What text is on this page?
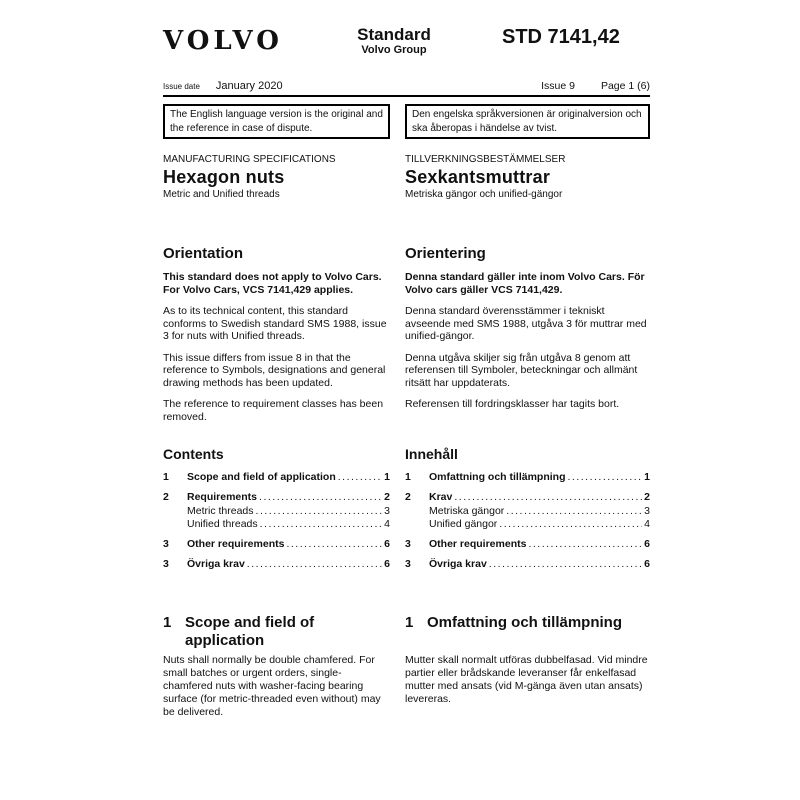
VOLVO	Standard
Volvo Group
STD 7141,42
Issue date January 2020	Issue 9 Page 1 (6)
The English language version is the original and the reference in case of dispute.
Den engelska språkversionen är originalversion och ska åberopas i händelse av tvist.
MANUFACTURING SPECIFICATIONS
Hexagon nuts
Metric and Unified threads
TILLVERKNINGSBESTÄMMELSER
Sexkantsmuttrar
Metriska gängor och unified-gängor
Orientation
This standard does not apply to Volvo Cars. For Volvo Cars, VCS 7141,429 applies.
As to its technical content, this standard conforms to Swedish standard SMS 1988, issue 3 for nuts with Unified threads.
This issue differs from issue 8 in that the reference to Symbols, designations and general drawing methods has been updated.
The reference to requirement classes has been removed.
Orientering
Denna standard gäller inte inom Volvo Cars. För Volvo cars gäller VCS 7141,429.
Denna standard överensstämmer i tekniskt avseende med SMS 1988, utgåva 3 för muttrar med unified-gängor.
Denna utgåva skiljer sig från utgåva 8 genom att referensen till Symboler, beteckningar och allmänt ritsätt har uppdaterats.
Referensen till fordringsklasser har tagits bort.
Contents
1	Scope and field of application .....	1
2	Requirements .....	2
Metric threads .....	3
Unified threads .....	4
3	Other requirements .....	6
3	Övriga krav .....	6
Innehåll
1	Omfattning och tillämpning .....	1
2	Krav .....	2
Metriska gängor .....	3
Unified gängor .....	4
3	Other requirements .....	6
3	Övriga krav .....	6
1 Scope and field of application
Nuts shall normally be double chamfered. For small batches or urgent orders, single-chamfered nuts with washer-facing bearing surface (for metric-threaded even without) may be delivered.
1 Omfattning och tillämpning
Mutter skall normalt utföras dubbelfasad. Vid mindre partier eller brådskande leveranser får enkelfasad mutter med ansats (vid M-gänga även utan ansats) levereras.
